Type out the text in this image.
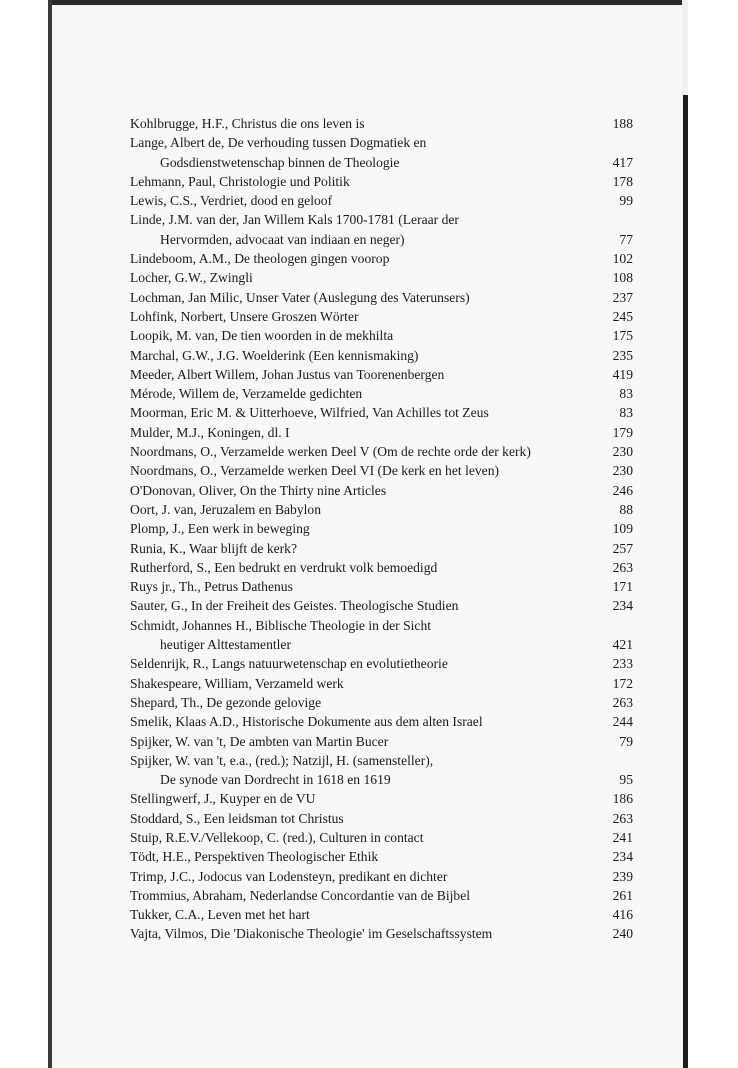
Kohlbrugge, H.F., Christus die ons leven is	188
Lange, Albert de, De verhouding tussen Dogmatiek en
Godsdienstwetenschap binnen de Theologie	417
Lehmann, Paul, Christologie und Politik	178
Lewis, C.S., Verdriet, dood en geloof	99
Linde, J.M. van der, Jan Willem Kals 1700-1781 (Leraar der
Hervormden, advocaat van indiaan en neger)	77
Lindeboom, A.M., De theologen gingen voorop	102
Locher, G.W., Zwingli	108
Lochman, Jan Milic, Unser Vater (Auslegung des Vaterunsers)	237
Lohfink, Norbert, Unsere Groszen Wörter	245
Loopik, M. van, De tien woorden in de mekhilta	175
Marchal, G.W., J.G. Woelderink (Een kennismaking)	235
Meeder, Albert Willem, Johan Justus van Toorenenbergen	419
Mérode, Willem de, Verzamelde gedichten	83
Moorman, Eric M. & Uitterhoeve, Wilfried, Van Achilles tot Zeus	83
Mulder, M.J., Koningen, dl. I	179
Noordmans, O., Verzamelde werken Deel V (Om de rechte orde der kerk)	230
Noordmans, O., Verzamelde werken Deel VI (De kerk en het leven)	230
O'Donovan, Oliver, On the Thirty nine Articles	246
Oort, J. van, Jeruzalem en Babylon	88
Plomp, J., Een werk in beweging	109
Runia, K., Waar blijft de kerk?	257
Rutherford, S., Een bedrukt en verdrukt volk bemoedigd	263
Ruys jr., Th., Petrus Dathenus	171
Sauter, G., In der Freiheit des Geistes. Theologische Studien	234
Schmidt, Johannes H., Biblische Theologie in der Sicht
heutiger Alttestamentler	421
Seldenrijk, R., Langs natuurwetenschap en evolutietheorie	233
Shakespeare, William, Verzameld werk	172
Shepard, Th., De gezonde gelovige	263
Smelik, Klaas A.D., Historische Dokumente aus dem alten Israel	244
Spijker, W. van 't, De ambten van Martin Bucer	79
Spijker, W. van 't, e.a., (red.); Natzijl, H. (samensteller),
De synode van Dordrecht in 1618 en 1619	95
Stellingwerf, J., Kuyper en de VU	186
Stoddard, S., Een leidsman tot Christus	263
Stuip, R.E.V./Vellekoop, C. (red.), Culturen in contact	241
Tödt, H.E., Perspektiven Theologischer Ethik	234
Trimp, J.C., Jodocus van Lodensteyn, predikant en dichter	239
Trommius, Abraham, Nederlandse Concordantie van de Bijbel	261
Tukker, C.A., Leven met het hart	416
Vajta, Vilmos, Die 'Diakonische Theologie' im Geselschaftssystem	240
